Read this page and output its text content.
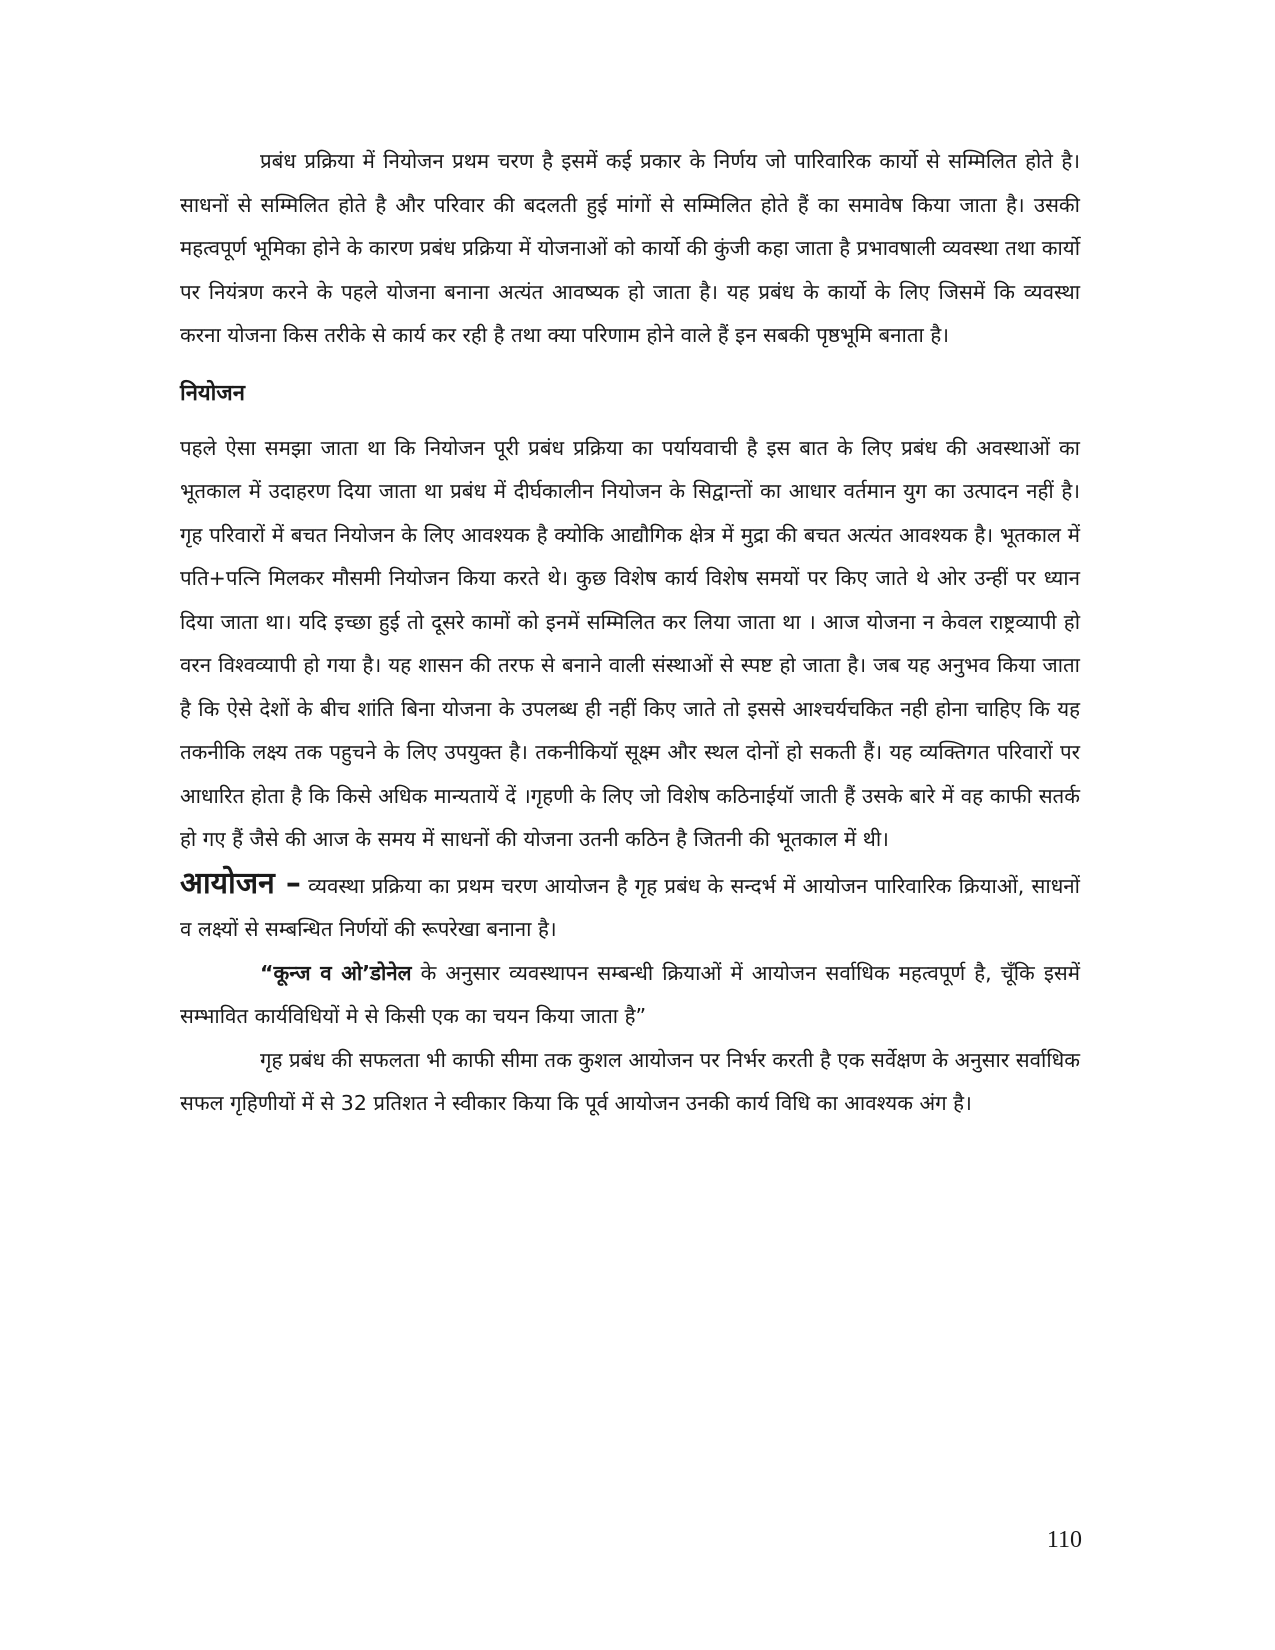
प्रबंध प्रक्रिया में नियोजन प्रथम चरण है इसमें कई प्रकार के निर्णय जो पारिवारिक कार्यो से सम्मिलित होते है। साधनों से सम्मिलित होते है और परिवार की बदलती हुई मांगों से सम्मिलित होते हैं का समावेष किया जाता है। उसकी महत्वपूर्ण भूमिका होने के कारण प्रबंध प्रक्रिया में योजनाओं को कार्यो की कुंजी कहा जाता है प्रभावषाली व्यवस्था तथा कार्यो पर नियंत्रण करने के पहले योजना बनाना अत्यंत आवष्यक हो जाता है। यह प्रबंध के कार्यो के लिए जिसमें कि व्यवस्था करना योजना किस तरीके से कार्य कर रही है तथा क्या परिणाम होने वाले हैं इन सबकी पृष्ठभूमि बनाता है।

नियोजन

पहले ऐसा समझा जाता था कि नियोजन पूरी प्रबंध प्रक्रिया का पर्यायवाची है इस बात के लिए प्रबंध की अवस्थाओं का भूतकाल में उदाहरण दिया जाता था प्रबंध में दीर्घकालीन नियोजन के सिद्वान्तों का आधार वर्तमान युग का उत्पादन नहीं है। गृह परिवारों में बचत नियोजन के लिए आवश्यक है क्योकि आद्यौगिक क्षेत्र में मुद्रा की बचत अत्यंत आवश्यक है। भूतकाल में पति+पत्नि मिलकर मौसमी नियोजन किया करते थे। कुछ विशेष कार्य विशेष समयों पर किए जाते थे ओर उन्हीं पर ध्यान दिया जाता था। यदि इच्छा हुई तो दूसरे कामों को इनमें सम्मिलित कर लिया जाता था । आज योजना न केवल राष्ट्रव्यापी हो वरन विश्वव्यापी हो गया है। यह शासन की तरफ से बनाने वाली संस्थाओं से स्पष्ट हो जाता है। जब यह अनुभव किया जाता है कि ऐसे देशों के बीच शांति बिना योजना के उपलब्ध ही नहीं किए जाते तो इससे आश्चर्यचकित नही होना चाहिए कि यह तकनीकि लक्ष्य तक पहुचने के लिए उपयुक्त है। तकनीकियॉ सूक्ष्म और स्थल दोनों हो सकती हैं। यह व्यक्तिगत परिवारों पर आधारित होता है कि किसे अधिक मान्यतायें दें ।गृहणी के लिए जो विशेष कठिनाईयॉ जाती हैं उसके बारे में वह काफी सतर्क हो गए हैं जैसे की आज के समय में साधनों की योजना उतनी कठिन है जितनी की भूतकाल में थी।

आयोजन – व्यवस्था प्रक्रिया का प्रथम चरण आयोजन है गृह प्रबंध के सन्दर्भ में आयोजन पारिवारिक क्रियाओं, साधनों व लक्ष्यों से सम्बन्धित निर्णयों की रूपरेखा बनाना है।

“कून्ज व ओ’डोनेल के अनुसार व्यवस्थापन सम्बन्धी क्रियाओं में आयोजन सर्वाधिक महत्वपूर्ण है, चूँकि इसमें सम्भावित कार्यविधियों मे से किसी एक का चयन किया जाता है”

गृह प्रबंध की सफलता भी काफी सीमा तक कुशल आयोजन पर निर्भर करती है एक सर्वेक्षण के अनुसार सर्वाधिक सफल गृहिणीयों में से 32 प्रतिशत ने स्वीकार किया कि पूर्व आयोजन उनकी कार्य विधि का आवश्यक अंग है।

110
